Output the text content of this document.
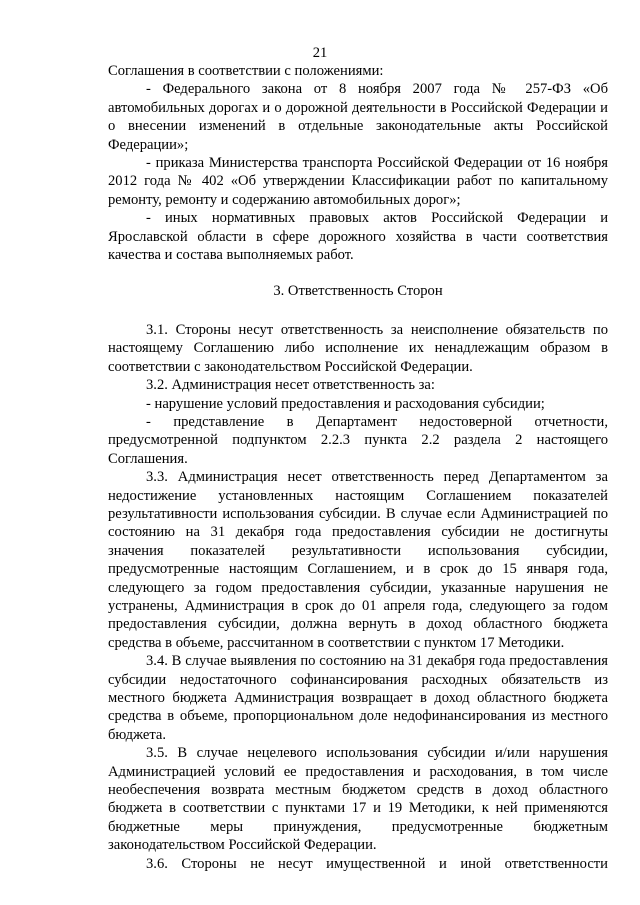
21

Соглашения в соответствии с положениями:

- Федерального закона от 8 ноября 2007 года № 257-ФЗ «Об автомобильных дорогах и о дорожной деятельности в Российской Федерации и о внесении изменений в отдельные законодательные акты Российской Федерации»;

- приказа Министерства транспорта Российской Федерации от 16 ноября 2012 года № 402 «Об утверждении Классификации работ по капитальному ремонту, ремонту и содержанию автомобильных дорог»;

- иных нормативных правовых актов Российской Федерации и Ярославской области в сфере дорожного хозяйства в части соответствия качества и состава выполняемых работ.

3. Ответственность Сторон

3.1. Стороны несут ответственность за неисполнение обязательств по настоящему Соглашению либо исполнение их ненадлежащим образом в соответствии с законодательством Российской Федерации.

3.2. Администрация несет ответственность за:

- нарушение условий предоставления и расходования субсидии;

- представление в Департамент недостоверной отчетности, предусмотренной подпунктом 2.2.3 пункта 2.2 раздела 2 настоящего Соглашения.

3.3. Администрация несет ответственность перед Департаментом за недостижение установленных настоящим Соглашением показателей результативности использования субсидии. В случае если Администрацией по состоянию на 31 декабря года предоставления субсидии не достигнуты значения показателей результативности использования субсидии, предусмотренные настоящим Соглашением, и в срок до 15 января года, следующего за годом предоставления субсидии, указанные нарушения не устранены, Администрация в срок до 01 апреля года, следующего за годом предоставления субсидии, должна вернуть в доход областного бюджета средства в объеме, рассчитанном в соответствии с пунктом 17 Методики.

3.4. В случае выявления по состоянию на 31 декабря года предоставления субсидии недостаточного софинансирования расходных обязательств из местного бюджета Администрация возвращает в доход областного бюджета средства в объеме, пропорциональном доле недофинансирования из местного бюджета.

3.5. В случае нецелевого использования субсидии и/или нарушения Администрацией условий ее предоставления и расходования, в том числе необеспечения возврата местным бюджетом средств в доход областного бюджета в соответствии с пунктами 17 и 19 Методики, к ней применяются бюджетные меры принуждения, предусмотренные бюджетным законодательством Российской Федерации.

3.6. Стороны не несут имущественной и иной ответственности
